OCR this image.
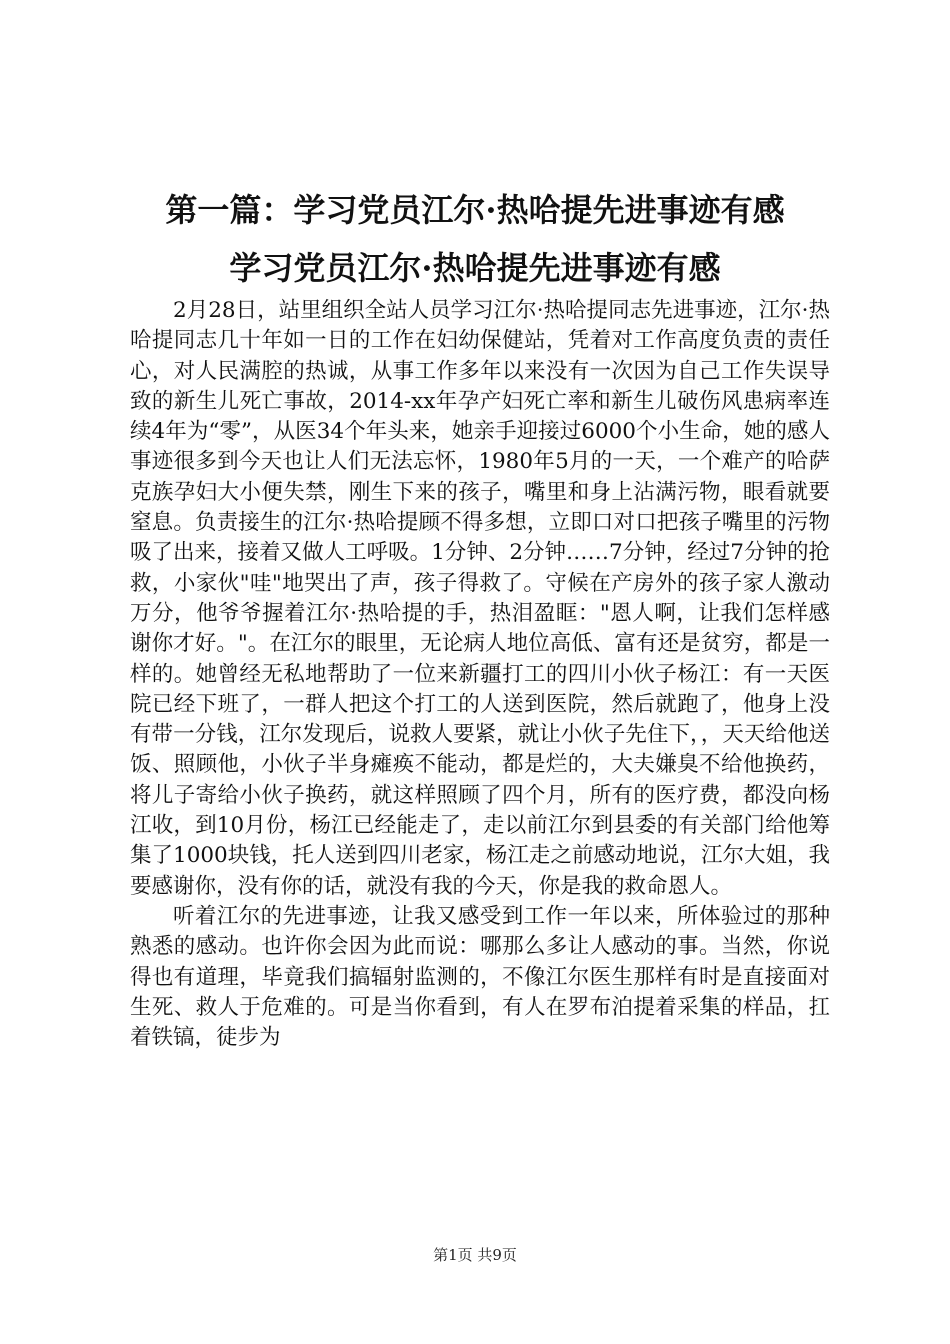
第一篇：学习党员江尔·热哈提先进事迹有感
学习党员江尔·热哈提先进事迹有感

2月28日，站里组织全站人员学习江尔·热哈提同志先进事迹，江尔·热哈提同志几十年如一日的工作在妇幼保健站，凭着对工作高度负责的责任心，对人民满腔的热诚，从事工作多年以来没有一次因为自己工作失误导致的新生儿死亡事故，2014-xx年孕产妇死亡率和新生儿破伤风患病率连续4年为“零”，从医34个年头来，她亲手迎接过6000个小生命，她的感人事迹很多到今天也让人们无法忘怀，1980年5月的一天，一个难产的哈萨克族孕妇大小便失禁，刚生下来的孩子，嘴里和身上沾满污物，眼看就要窒息。负责接生的江尔·热哈提顾不得多想，立即口对口把孩子嘴里的污物吸了出来，接着又做人工呼吸。1分钟、2分钟……7分钟，经过7分钟的抢救，小家伙"哇"地哭出了声，孩子得救了。守候在产房外的孩子家人激动万分，他爷爷握着江尔·热哈提的手，热泪盈眶："恩人啊，让我们怎样感谢你才好。"。在江尔的眼里，无论病人地位高低、富有还是贫穷，都是一样的。她曾经无私地帮助了一位来新疆打工的四川小伙子杨江：有一天医院已经下班了，一群人把这个打工的人送到医院，然后就跑了，他身上没有带一分钱，江尔发现后，说救人要紧，就让小伙子先住下，，天天给他送饭、照顾他，小伙子半身瘫痪不能动，都是烂的，大夫嫌臭不给他换药，将儿子寄给小伙子换药，就这样照顾了四个月，所有的医疗费，都没向杨江收，到10月份，杨江已经能走了，走以前江尔到县委的有关部门给他筹集了1000块钱，托人送到四川老家，杨江走之前感动地说，江尔大姐，我要感谢你，没有你的话，就没有我的今天，你是我的救命恩人。

听着江尔的先进事迹，让我又感受到工作一年以来，所体验过的那种熟悉的感动。也许你会因为此而说：哪那么多让人感动的事。当然，你说得也有道理，毕竟我们搞辐射监测的，不像江尔医生那样有时是直接面对生死、救人于危难的。可是当你看到，有人在罗布泊提着采集的样品，扛着铁镐，徒步为

第1页 共9页
